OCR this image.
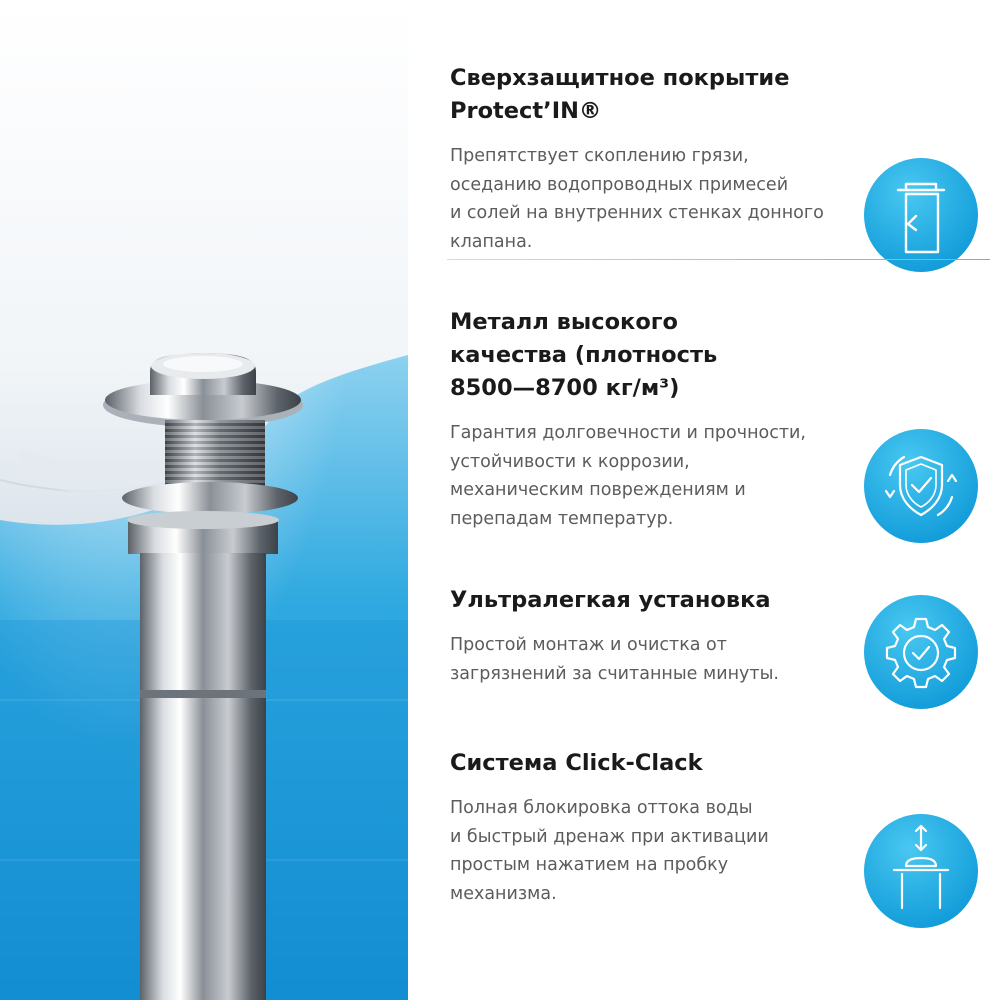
Сверхзащитное покрытие
Protect’IN®
Препятствует скоплению грязи,
оседанию водопроводных примесей
и солей на внутренних стенках донного
клапана.
Металл высокого
качества (плотность
8500—8700 кг/м³)
Гарантия долговечности и прочности,
устойчивости к коррозии,
механическим повреждениям и
перепадам температур.
Ультралегкая установка
Простой монтаж и очистка от
загрязнений за считанные минуты.
Система Click-Clack
Полная блокировка оттока воды
и быстрый дренаж при активации
простым нажатием на пробку
механизма.
